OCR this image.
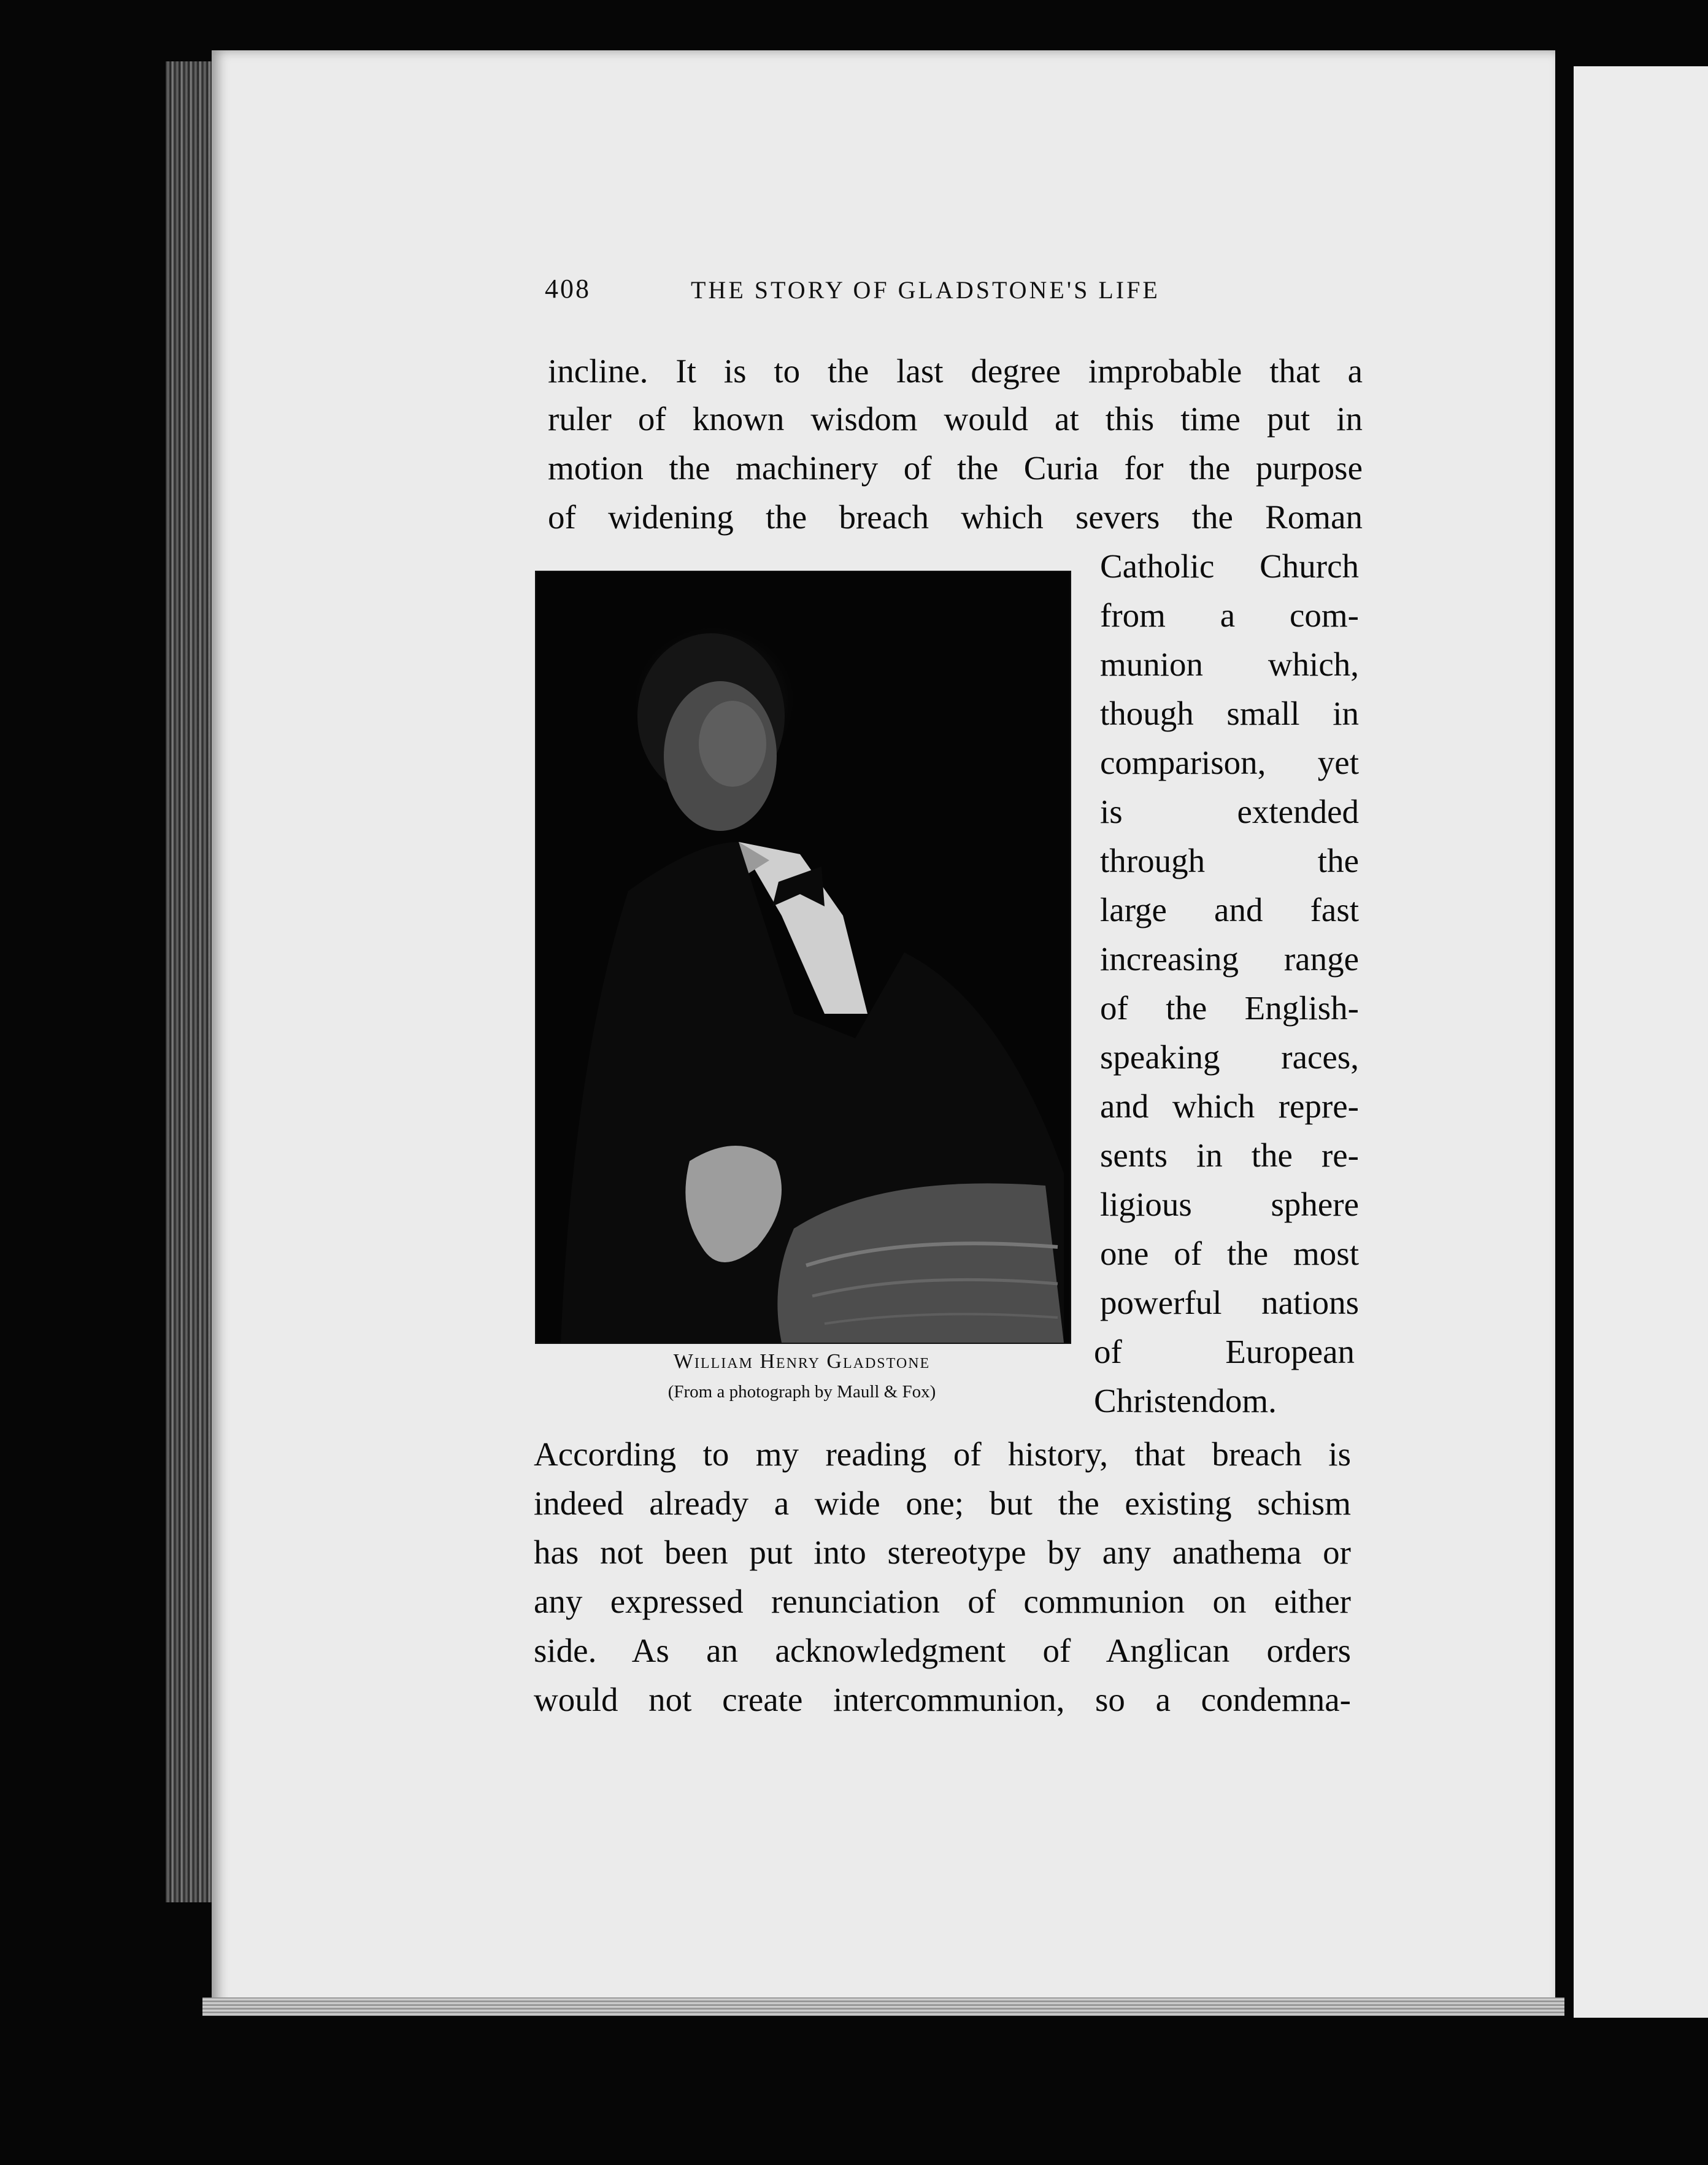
408	THE STORY OF GLADSTONE'S LIFE
incline. It is to the last degree improbable that a
ruler of known wisdom would at this time put in
motion the machinery of the Curia for the purpose
of widening the breach which severs the Roman
Catholic Church
from a com-
munion which,
though small in
comparison, yet
is extended
through the
large and fast
increasing range
of the English-
speaking races,
and which repre-
sents in the re-
ligious sphere
one of the most
powerful nations
of European
Christendom.
William Henry Gladstone
(From a photograph by Maull & Fox)
According to my reading of history, that breach is
indeed already a wide one; but the existing schism
has not been put into stereotype by any anathema or
any expressed renunciation of communion on either
side. As an acknowledgment of Anglican orders
would not create intercommunion, so a condemna-
